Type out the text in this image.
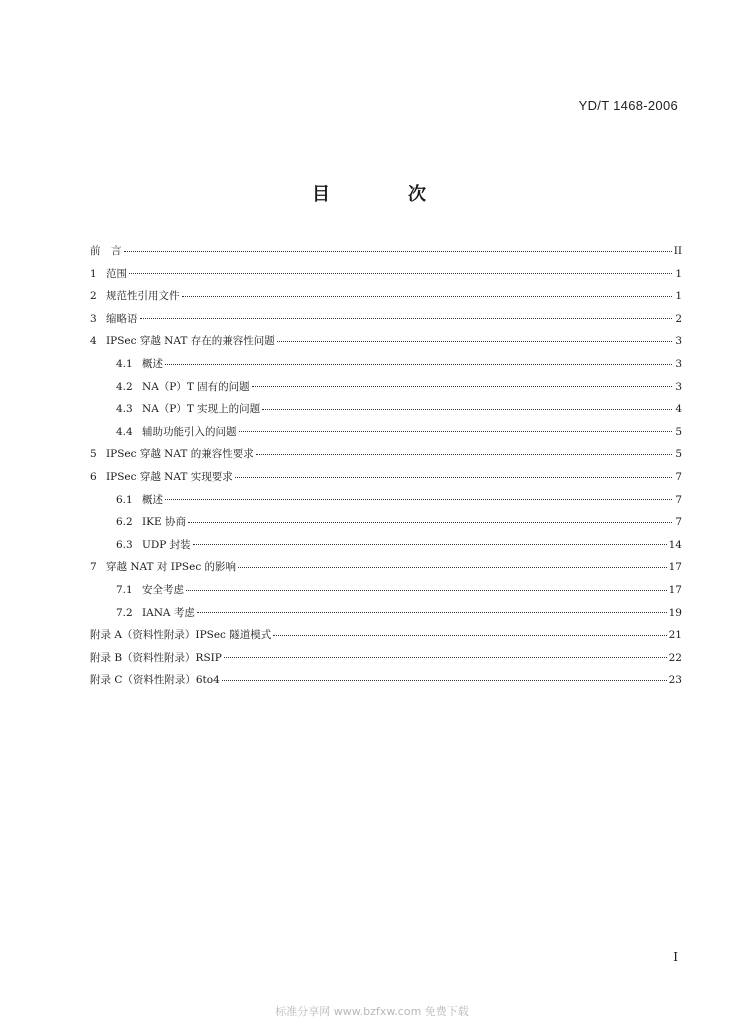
YD/T 1468-2006
目　次
前　言	II
1 范围	1
2 规范性引用文件	1
3 缩略语	2
4 IPSec 穿越 NAT 存在的兼容性问题	3
4.1 概述	3
4.2 NA（P）T 固有的问题	3
4.3 NA（P）T 实现上的问题	4
4.4 辅助功能引入的问题	5
5 IPSec 穿越 NAT 的兼容性要求	5
6 IPSec 穿越 NAT 实现要求	7
6.1 概述	7
6.2 IKE 协商	7
6.3 UDP 封装	14
7 穿越 NAT 对 IPSec 的影响	17
7.1 安全考虑	17
7.2 IANA 考虑	19
附录 A（资料性附录）IPSec 隧道模式	21
附录 B（资料性附录）RSIP	22
附录 C（资料性附录）6to4	23
I
标准分享网 www.bzfxw.com 免费下载
